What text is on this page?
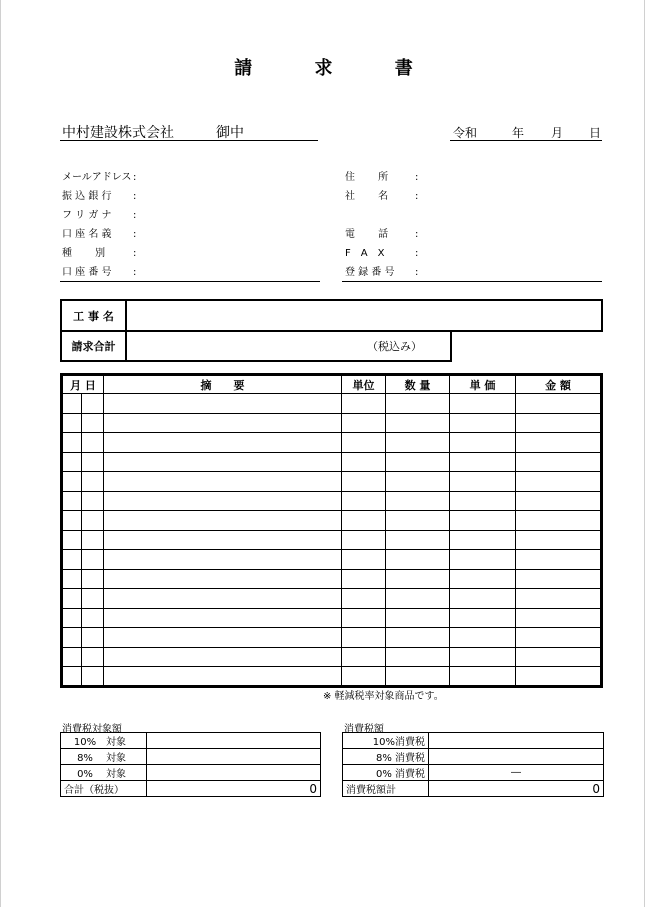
請 求 書
中村建設株式会社	御中	令和	年 月 日
メールアドレス :
振 込 銀 行 :
フ リ ガ ナ :
口 座 名 義 :
種　　 別	:
口 座 番 号 :
住　　 所	:
社　　 名	:
電　　 話	:
F　A　X	:
登 録 番 号 :
工 事 名	
請求合計	（税込み）
月 日		摘　　要	単位	数 量	単 価	金 額

※ 軽減税率対象商品です。
消費税対象額
10% 対象	
8% 対象	
0% 対象	
合計（税抜）	0
消費税額
10%消費税	
8% 消費税	
0% 消費税	―
消費税額計	0
